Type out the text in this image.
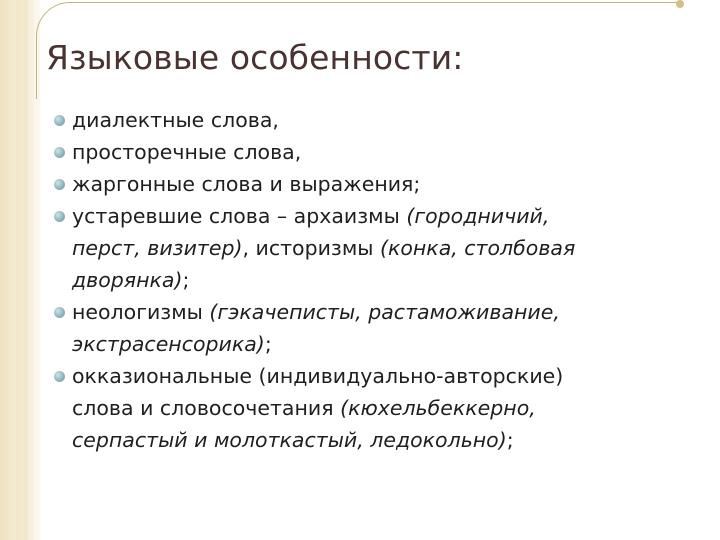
Языковые особенности:
диалектные слова,
просторечные слова,
жаргонные слова и выражения;
устаревшие слова – архаизмы (городничий,
перст, визитер), историзмы (конка, столбовая
дворянка);
неологизмы (гэкачеписты, растаможивание,
экстрасенсорика);
окказиональные (индивидуально-авторские)
слова и словосочетания (кюхельбеккерно,
серпастый и молоткастый, ледокольно);
